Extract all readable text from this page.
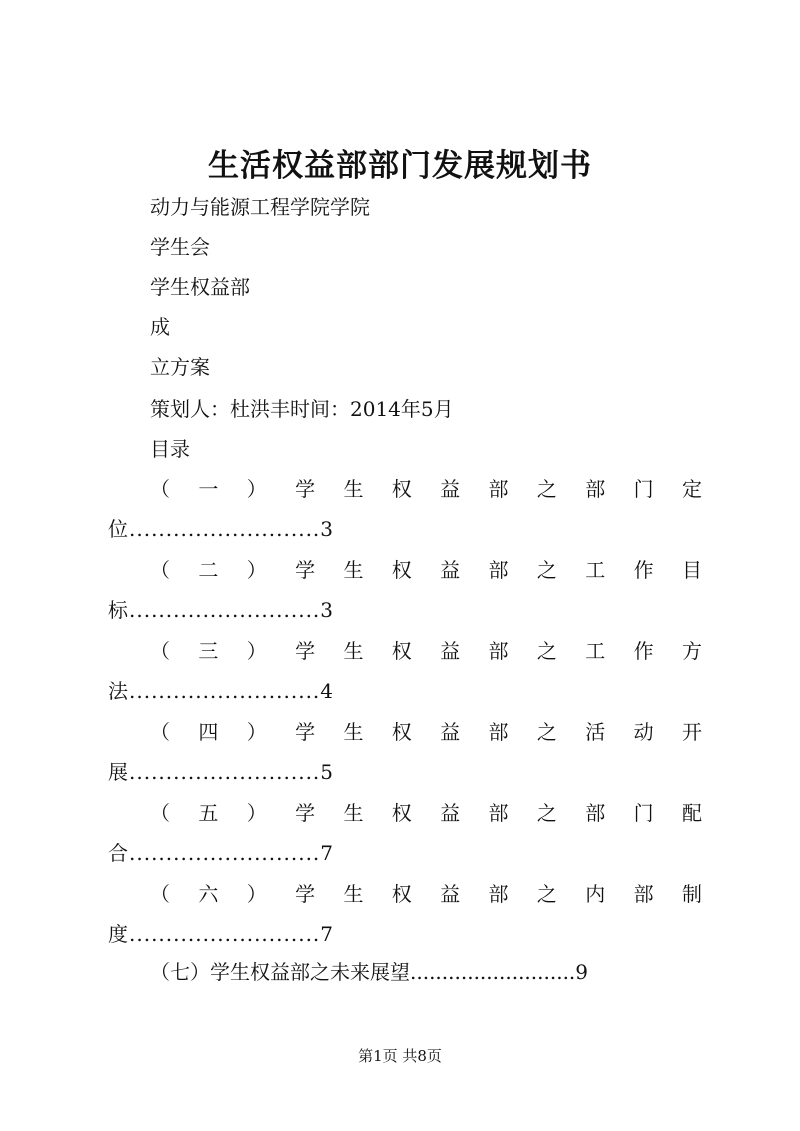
生活权益部部门发展规划书
动力与能源工程学院学院
学生会
学生权益部
成
立方案
策划人：杜洪丰时间：2014年5月
目录
（ 一 ） 学 生 权 益 部 之 部 门 定
位..........................3
（ 二 ） 学 生 权 益 部 之 工 作 目
标..........................3
（ 三 ） 学 生 权 益 部 之 工 作 方
法..........................4
（ 四 ） 学 生 权 益 部 之 活 动 开
展..........................5
（ 五 ） 学 生 权 益 部 之 部 门 配
合..........................7
（ 六 ） 学 生 权 益 部 之 内 部 制
度..........................7
（七）学生权益部之未来展望..........................9
第1页 共8页
